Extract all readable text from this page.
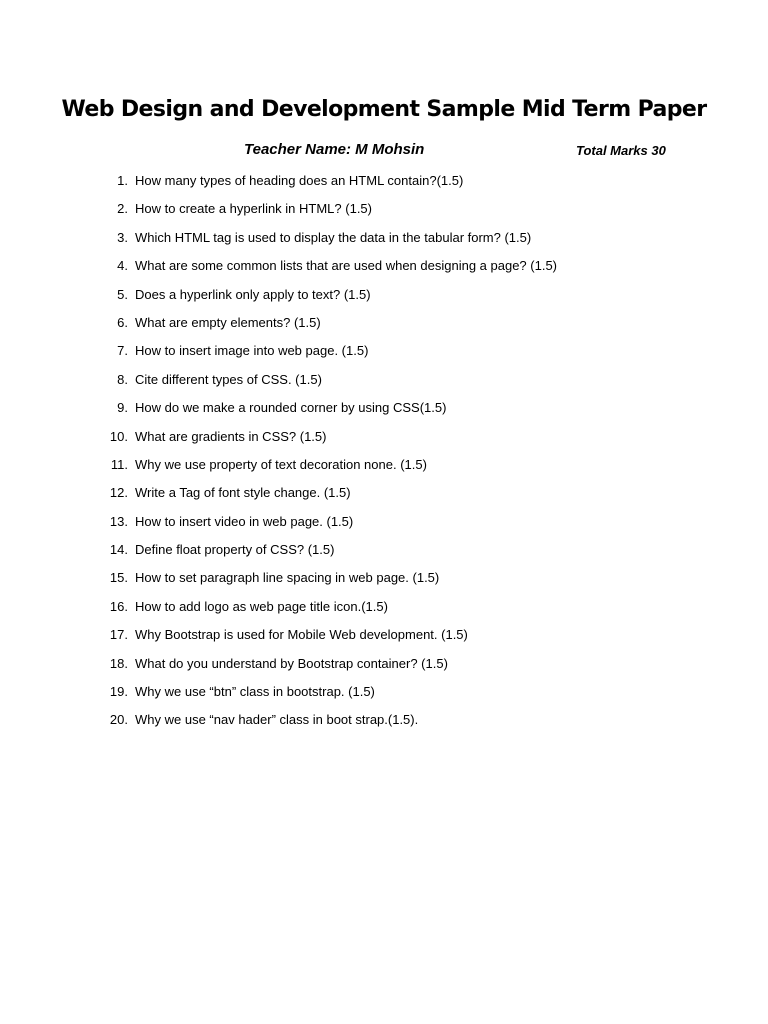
Web Design and Development Sample Mid Term Paper
Teacher Name: M Mohsin	Total Marks 30
1. How many types of heading does an HTML contain?(1.5)
2. How to create a hyperlink in HTML? (1.5)
3. Which HTML tag is used to display the data in the tabular form? (1.5)
4. What are some common lists that are used when designing a page? (1.5)
5. Does a hyperlink only apply to text? (1.5)
6. What are empty elements? (1.5)
7. How to insert image into web page. (1.5)
8. Cite different types of CSS. (1.5)
9. How do we make a rounded corner by using CSS(1.5)
10. What are gradients in CSS? (1.5)
11. Why we use property of text decoration none. (1.5)
12. Write a Tag of font style change. (1.5)
13. How to insert video in web page. (1.5)
14. Define float property of CSS? (1.5)
15. How to set paragraph line spacing in web page. (1.5)
16. How to add logo as web page title icon.(1.5)
17. Why Bootstrap is used for Mobile Web development. (1.5)
18. What do you understand by Bootstrap container? (1.5)
19. Why we use “btn” class in bootstrap. (1.5)
20. Why we use “nav hader” class in boot strap.(1.5).
